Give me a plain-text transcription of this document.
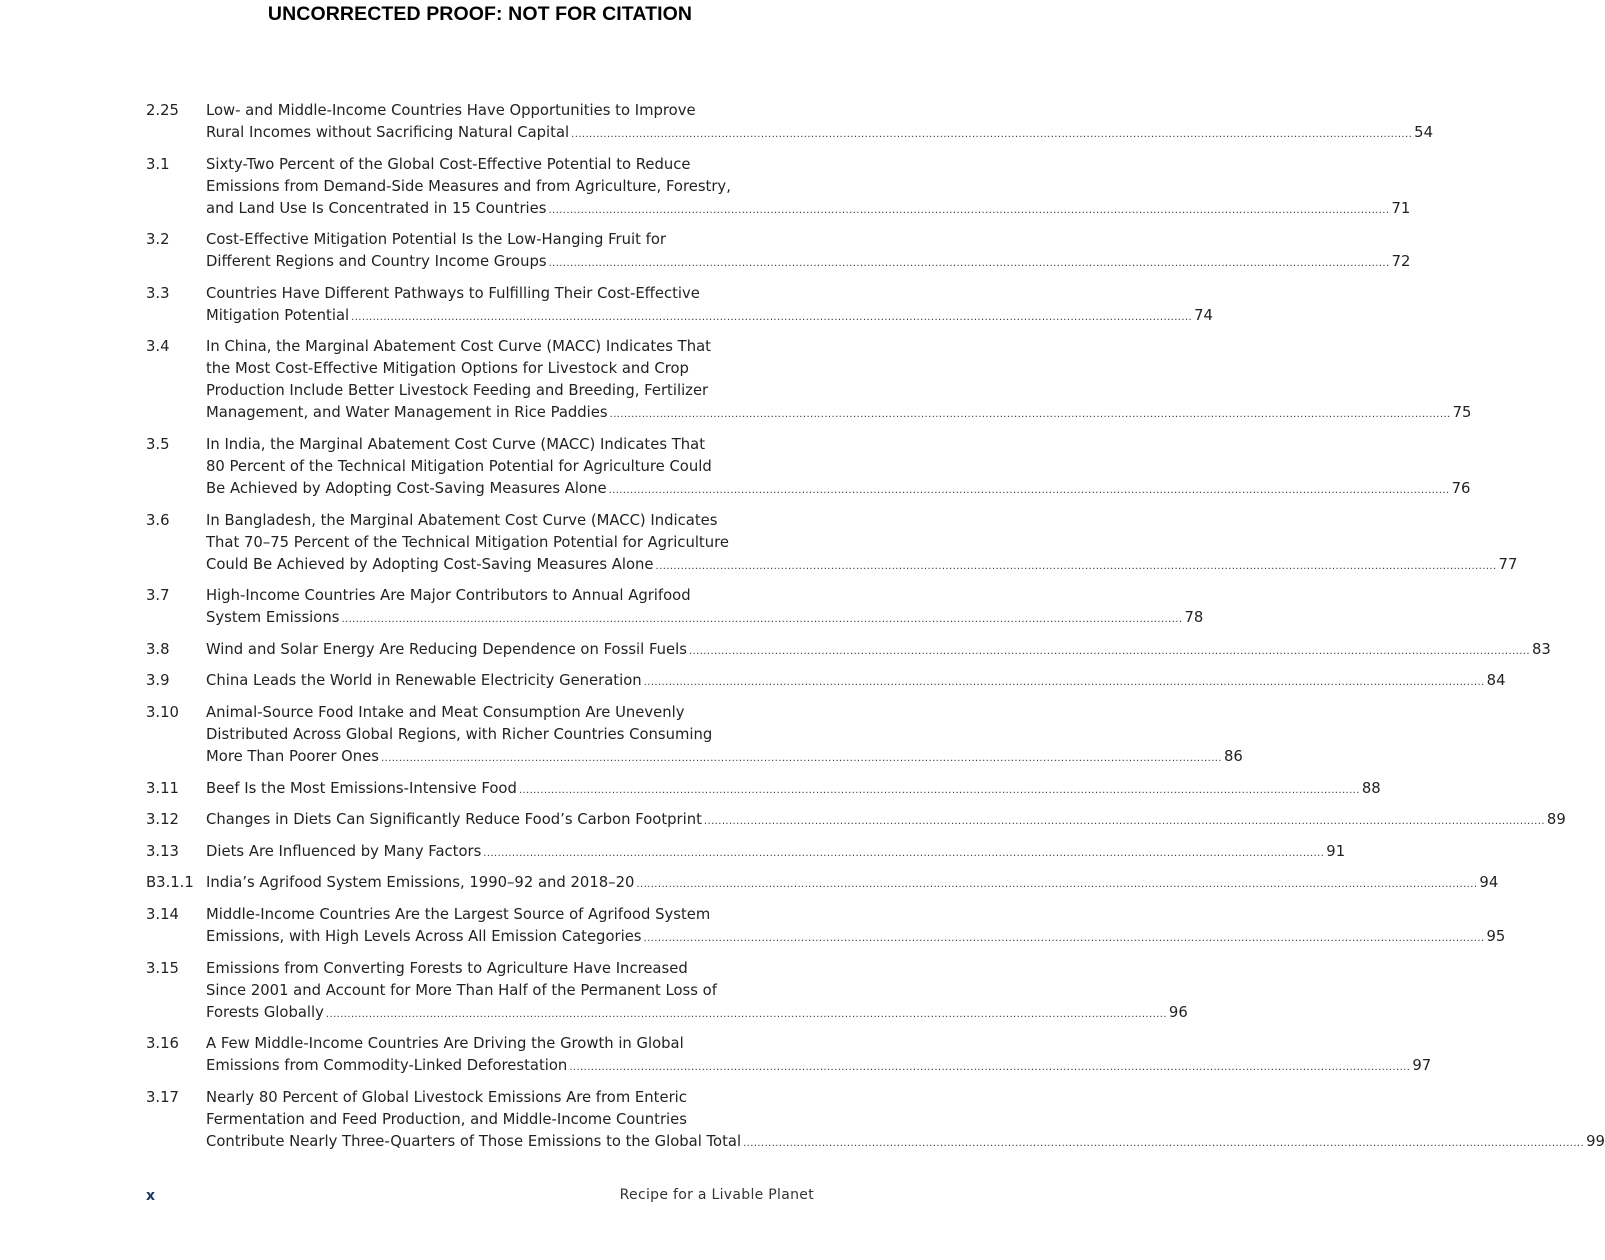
UNCORRECTED PROOF: NOT FOR CITATION
2.25	Low- and Middle-Income Countries Have Opportunities to Improve
Rural Incomes without Sacrificing Natural Capital .....	54
3.1	Sixty-Two Percent of the Global Cost-Effective Potential to Reduce
Emissions from Demand-Side Measures and from Agriculture, Forestry,
and Land Use Is Concentrated in 15 Countries .....	71
3.2	Cost-Effective Mitigation Potential Is the Low-Hanging Fruit for
Different Regions and Country Income Groups .....	72
3.3	Countries Have Different Pathways to Fulfilling Their Cost-Effective
Mitigation Potential .....	74
3.4	In China, the Marginal Abatement Cost Curve (MACC) Indicates That
the Most Cost-Effective Mitigation Options for Livestock and Crop
Production Include Better Livestock Feeding and Breeding, Fertilizer
Management, and Water Management in Rice Paddies .....	75
3.5	In India, the Marginal Abatement Cost Curve (MACC) Indicates That
80 Percent of the Technical Mitigation Potential for Agriculture Could
Be Achieved by Adopting Cost-Saving Measures Alone .....	76
3.6	In Bangladesh, the Marginal Abatement Cost Curve (MACC) Indicates
That 70–75 Percent of the Technical Mitigation Potential for Agriculture
Could Be Achieved by Adopting Cost-Saving Measures Alone .....	77
3.7	High-Income Countries Are Major Contributors to Annual Agrifood
System Emissions .....	78
3.8	Wind and Solar Energy Are Reducing Dependence on Fossil Fuels .....	83
3.9	China Leads the World in Renewable Electricity Generation .....	84
3.10	Animal-Source Food Intake and Meat Consumption Are Unevenly
Distributed Across Global Regions, with Richer Countries Consuming
More Than Poorer Ones .....	86
3.11	Beef Is the Most Emissions-Intensive Food .....	88
3.12	Changes in Diets Can Significantly Reduce Food’s Carbon Footprint .....	89
3.13	Diets Are Influenced by Many Factors .....	91
B3.1.1 India’s Agrifood System Emissions, 1990–92 and 2018–20 .....	94
3.14	Middle-Income Countries Are the Largest Source of Agrifood System
Emissions, with High Levels Across All Emission Categories .....	95
3.15	Emissions from Converting Forests to Agriculture Have Increased
Since 2001 and Account for More Than Half of the Permanent Loss of
Forests Globally .....	96
3.16	A Few Middle-Income Countries Are Driving the Growth in Global
Emissions from Commodity-Linked Deforestation .....	97
3.17	Nearly 80 Percent of Global Livestock Emissions Are from Enteric
Fermentation and Feed Production, and Middle-Income Countries
Contribute Nearly Three-Quarters of Those Emissions to the Global Total .....	99
x	Recipe for a Livable Planet
